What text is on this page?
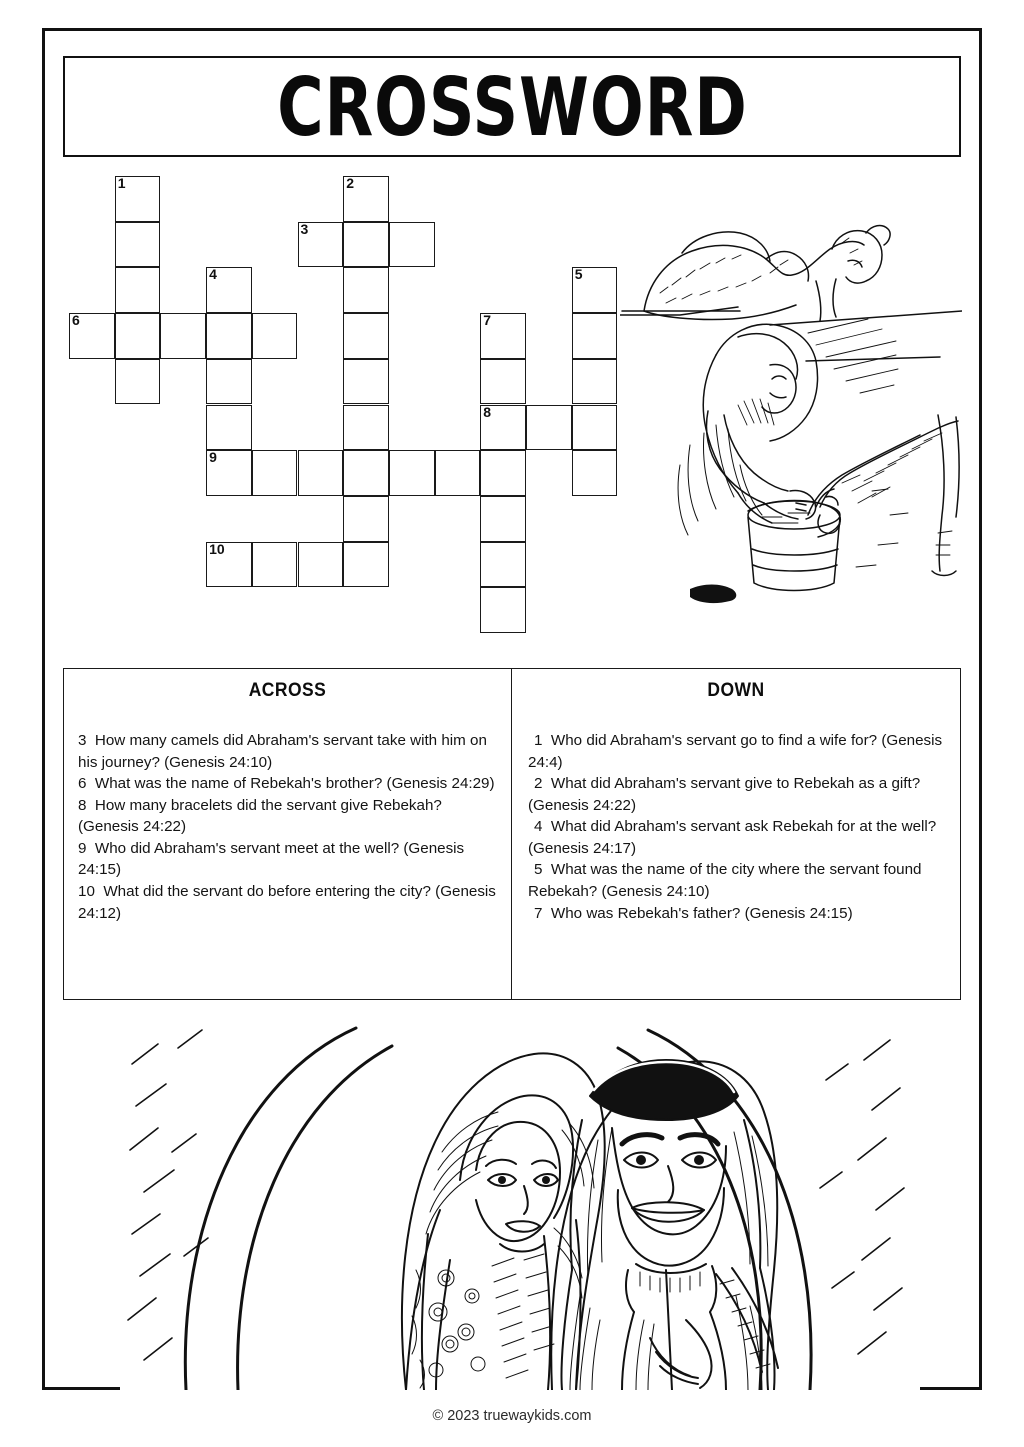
CROSSWORD
1	2
3
4	5
6	7
8
9
10
ACROSS
3  How many camels did Abraham's servant take with him on his journey? (Genesis 24:10)
6  What was the name of Rebekah's brother? (Genesis 24:29)
8  How many bracelets did the servant give Rebekah? (Genesis 24:22)
9  Who did Abraham's servant meet at the well? (Genesis 24:15)
10  What did the servant do before entering the city? (Genesis 24:12)
DOWN
1  Who did Abraham's servant go to find a wife for? (Genesis 24:4)
2  What did Abraham's servant give to Rebekah as a gift? (Genesis 24:22)
4  What did Abraham's servant ask Rebekah for at the well? (Genesis 24:17)
5  What was the name of the city where the servant found Rebekah? (Genesis 24:10)
7  Who was Rebekah's father? (Genesis 24:15)
© 2023 truewaykids.com
